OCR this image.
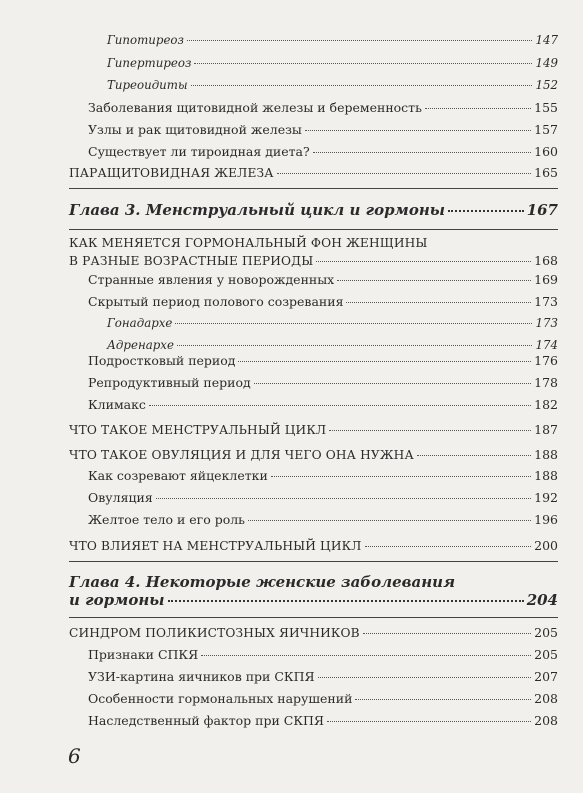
Гипотиреоз	147
Гипертиреоз	149
Тиреоидиты	152
Заболевания щитовидной железы и беременность	155
Узлы и рак щитовидной железы	157
Существует ли тироидная диета?	160
ПАРАЩИТОВИДНАЯ ЖЕЛЕЗА	165
Глава 3. Менструальный цикл и гормоны	167
КАК МЕНЯЕТСЯ ГОРМОНАЛЬНЫЙ ФОН ЖЕНЩИНЫ
В РАЗНЫЕ ВОЗРАСТНЫЕ ПЕРИОДЫ	168
Странные явления у новорожденных	169
Скрытый период полового созревания	173
Гонадархе	173
Адренархе	174
Подростковый период	176
Репродуктивный период	178
Климакс	182
ЧТО ТАКОЕ МЕНСТРУАЛЬНЫЙ ЦИКЛ	187
ЧТО ТАКОЕ ОВУЛЯЦИЯ И ДЛЯ ЧЕГО ОНА НУЖНА	188
Как созревают яйцеклетки	188
Овуляция	192
Желтое тело и его роль	196
ЧТО ВЛИЯЕТ НА МЕНСТРУАЛЬНЫЙ ЦИКЛ	200
Глава 4. Некоторые женские заболевания
и гормоны	204
СИНДРОМ ПОЛИКИСТОЗНЫХ ЯИЧНИКОВ	205
Признаки СПКЯ	205
УЗИ-картина яичников при СКПЯ	207
Особенности гормональных нарушений	208
Наследственный фактор при СКПЯ	208
6
